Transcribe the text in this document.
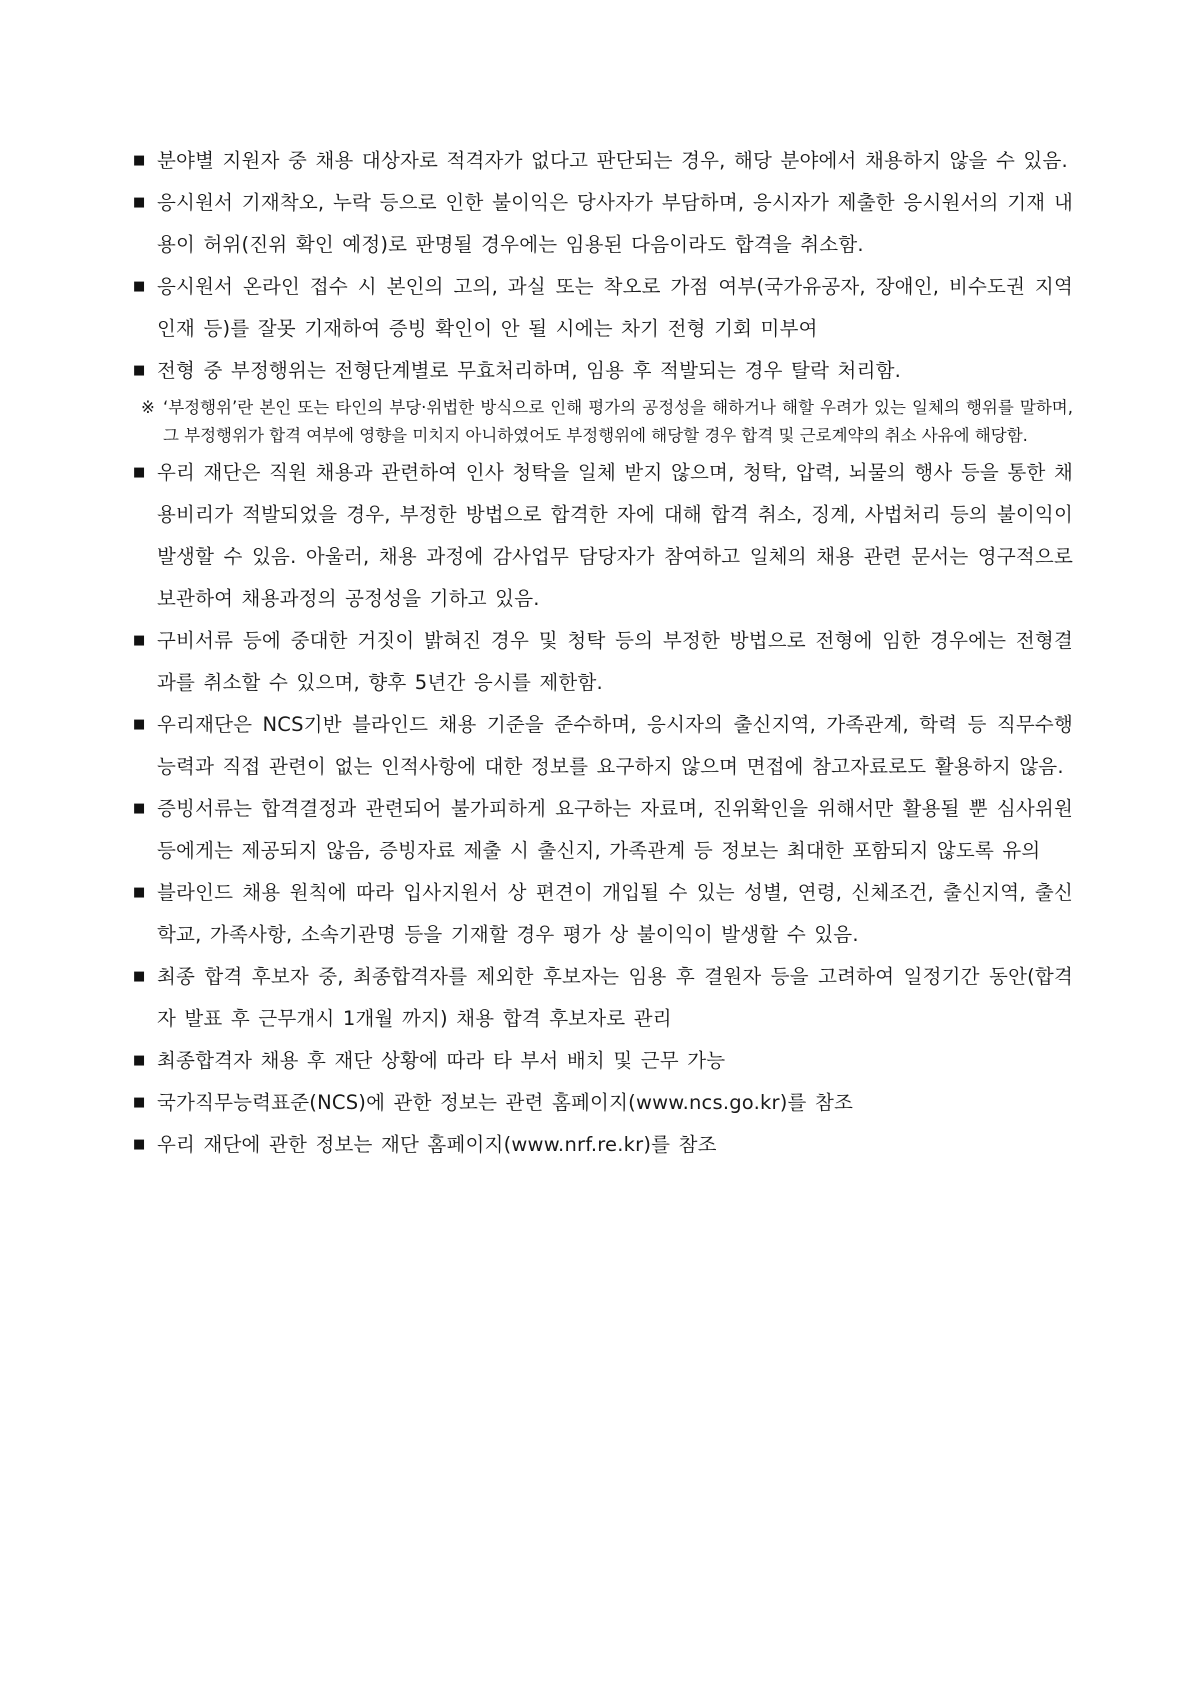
■ 분야별 지원자 중 채용 대상자로 적격자가 없다고 판단되는 경우, 해당 분야에서 채용하지 않을 수 있음.

■ 응시원서 기재착오, 누락 등으로 인한 불이익은 당사자가 부담하며, 응시자가 제출한 응시원서의 기재 내용이 허위(진위 확인 예정)로 판명될 경우에는 임용된 다음이라도 합격을 취소함.

■ 응시원서 온라인 접수 시 본인의 고의, 과실 또는 착오로 가점 여부(국가유공자, 장애인, 비수도권 지역인재 등)를 잘못 기재하여 증빙 확인이 안 될 시에는 차기 전형 기회 미부여

■ 전형 중 부정행위는 전형단계별로 무효처리하며, 임용 후 적발되는 경우 탈락 처리함.

※ ‘부정행위’란 본인 또는 타인의 부당·위법한 방식으로 인해 평가의 공정성을 해하거나 해할 우려가 있는 일체의 행위를 말하며, 그 부정행위가 합격 여부에 영향을 미치지 아니하였어도 부정행위에 해당할 경우 합격 및 근로계약의 취소 사유에 해당함.

■ 우리 재단은 직원 채용과 관련하여 인사 청탁을 일체 받지 않으며, 청탁, 압력, 뇌물의 행사 등을 통한 채용비리가 적발되었을 경우, 부정한 방법으로 합격한 자에 대해 합격 취소, 징계, 사법처리 등의 불이익이 발생할 수 있음. 아울러, 채용 과정에 감사업무 담당자가 참여하고 일체의 채용 관련 문서는 영구적으로 보관하여 채용과정의 공정성을 기하고 있음.

■ 구비서류 등에 중대한 거짓이 밝혀진 경우 및 청탁 등의 부정한 방법으로 전형에 임한 경우에는 전형결과를 취소할 수 있으며, 향후 5년간 응시를 제한함.

■ 우리재단은 NCS기반 블라인드 채용 기준을 준수하며, 응시자의 출신지역, 가족관계, 학력 등 직무수행 능력과 직접 관련이 없는 인적사항에 대한 정보를 요구하지 않으며 면접에 참고자료로도 활용하지 않음.

■ 증빙서류는 합격결정과 관련되어 불가피하게 요구하는 자료며, 진위확인을 위해서만 활용될 뿐 심사위원 등에게는 제공되지 않음, 증빙자료 제출 시 출신지, 가족관계 등 정보는 최대한 포함되지 않도록 유의

■ 블라인드 채용 원칙에 따라 입사지원서 상 편견이 개입될 수 있는 성별, 연령, 신체조건, 출신지역, 출신학교, 가족사항, 소속기관명 등을 기재할 경우 평가 상 불이익이 발생할 수 있음.

■ 최종 합격 후보자 중, 최종합격자를 제외한 후보자는 임용 후 결원자 등을 고려하여 일정기간 동안(합격자 발표 후 근무개시 1개월 까지) 채용 합격 후보자로 관리

■ 최종합격자 채용 후 재단 상황에 따라 타 부서 배치 및 근무 가능

■ 국가직무능력표준(NCS)에 관한 정보는 관련 홈페이지(www.ncs.go.kr)를 참조

■ 우리 재단에 관한 정보는 재단 홈페이지(www.nrf.re.kr)를 참조
